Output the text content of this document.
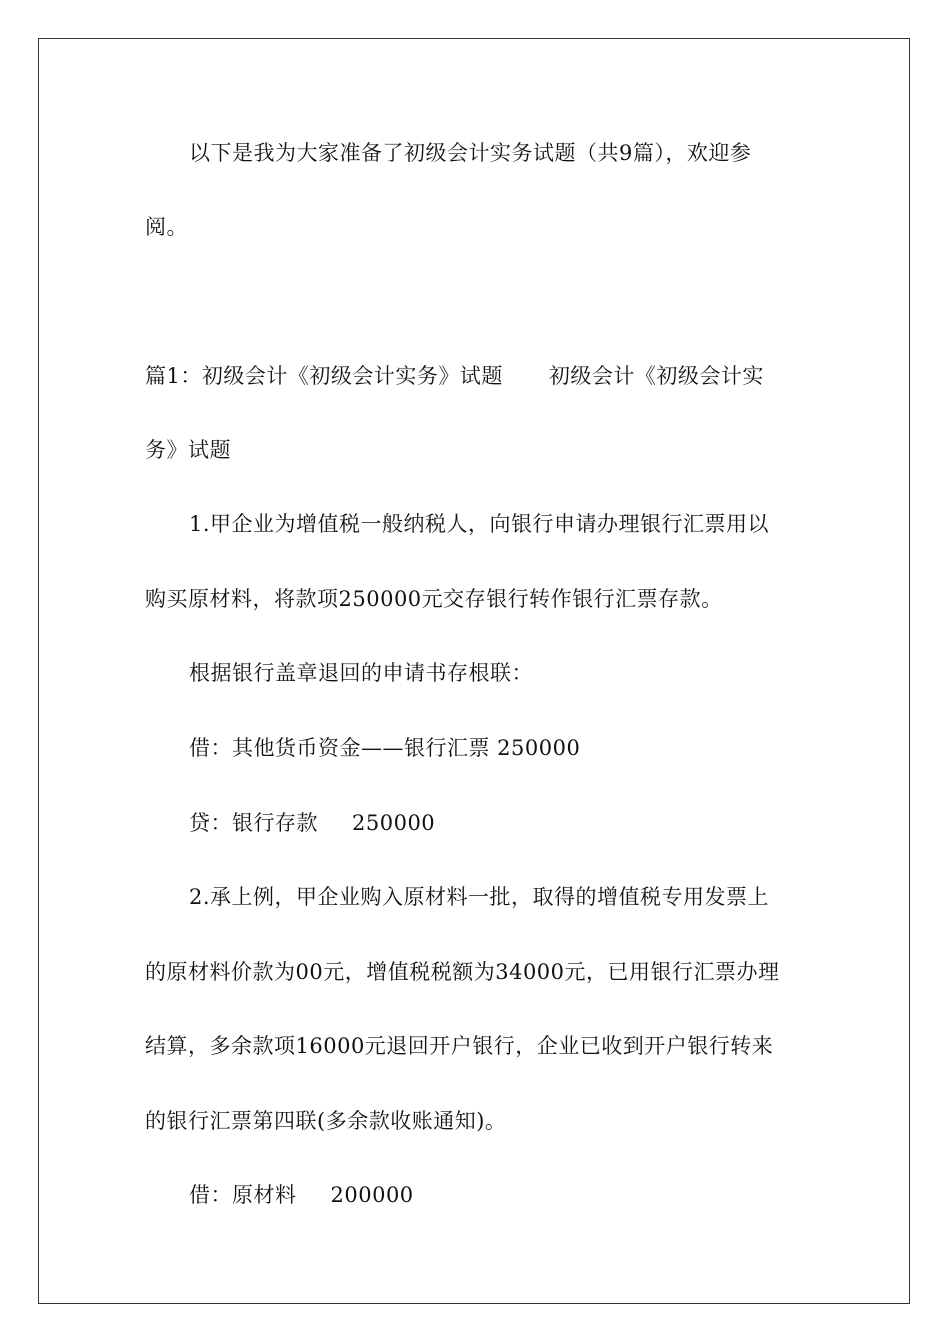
以下是我为大家准备了初级会计实务试题（共9篇），欢迎参
阅。
篇1：初级会计《初级会计实务》试题 初级会计《初级会计实
务》试题
1.甲企业为增值税一般纳税人，向银行申请办理银行汇票用以
购买原材料，将款项250000元交存银行转作银行汇票存款。
根据银行盖章退回的申请书存根联：
借：其他货币资金——银行汇票 250000
贷：银行存款 250000
2.承上例，甲企业购入原材料一批，取得的增值税专用发票上
的原材料价款为00元，增值税税额为34000元，已用银行汇票办理
结算，多余款项16000元退回开户银行，企业已收到开户银行转来
的银行汇票第四联(多余款收账通知)。
借：原材料 200000
